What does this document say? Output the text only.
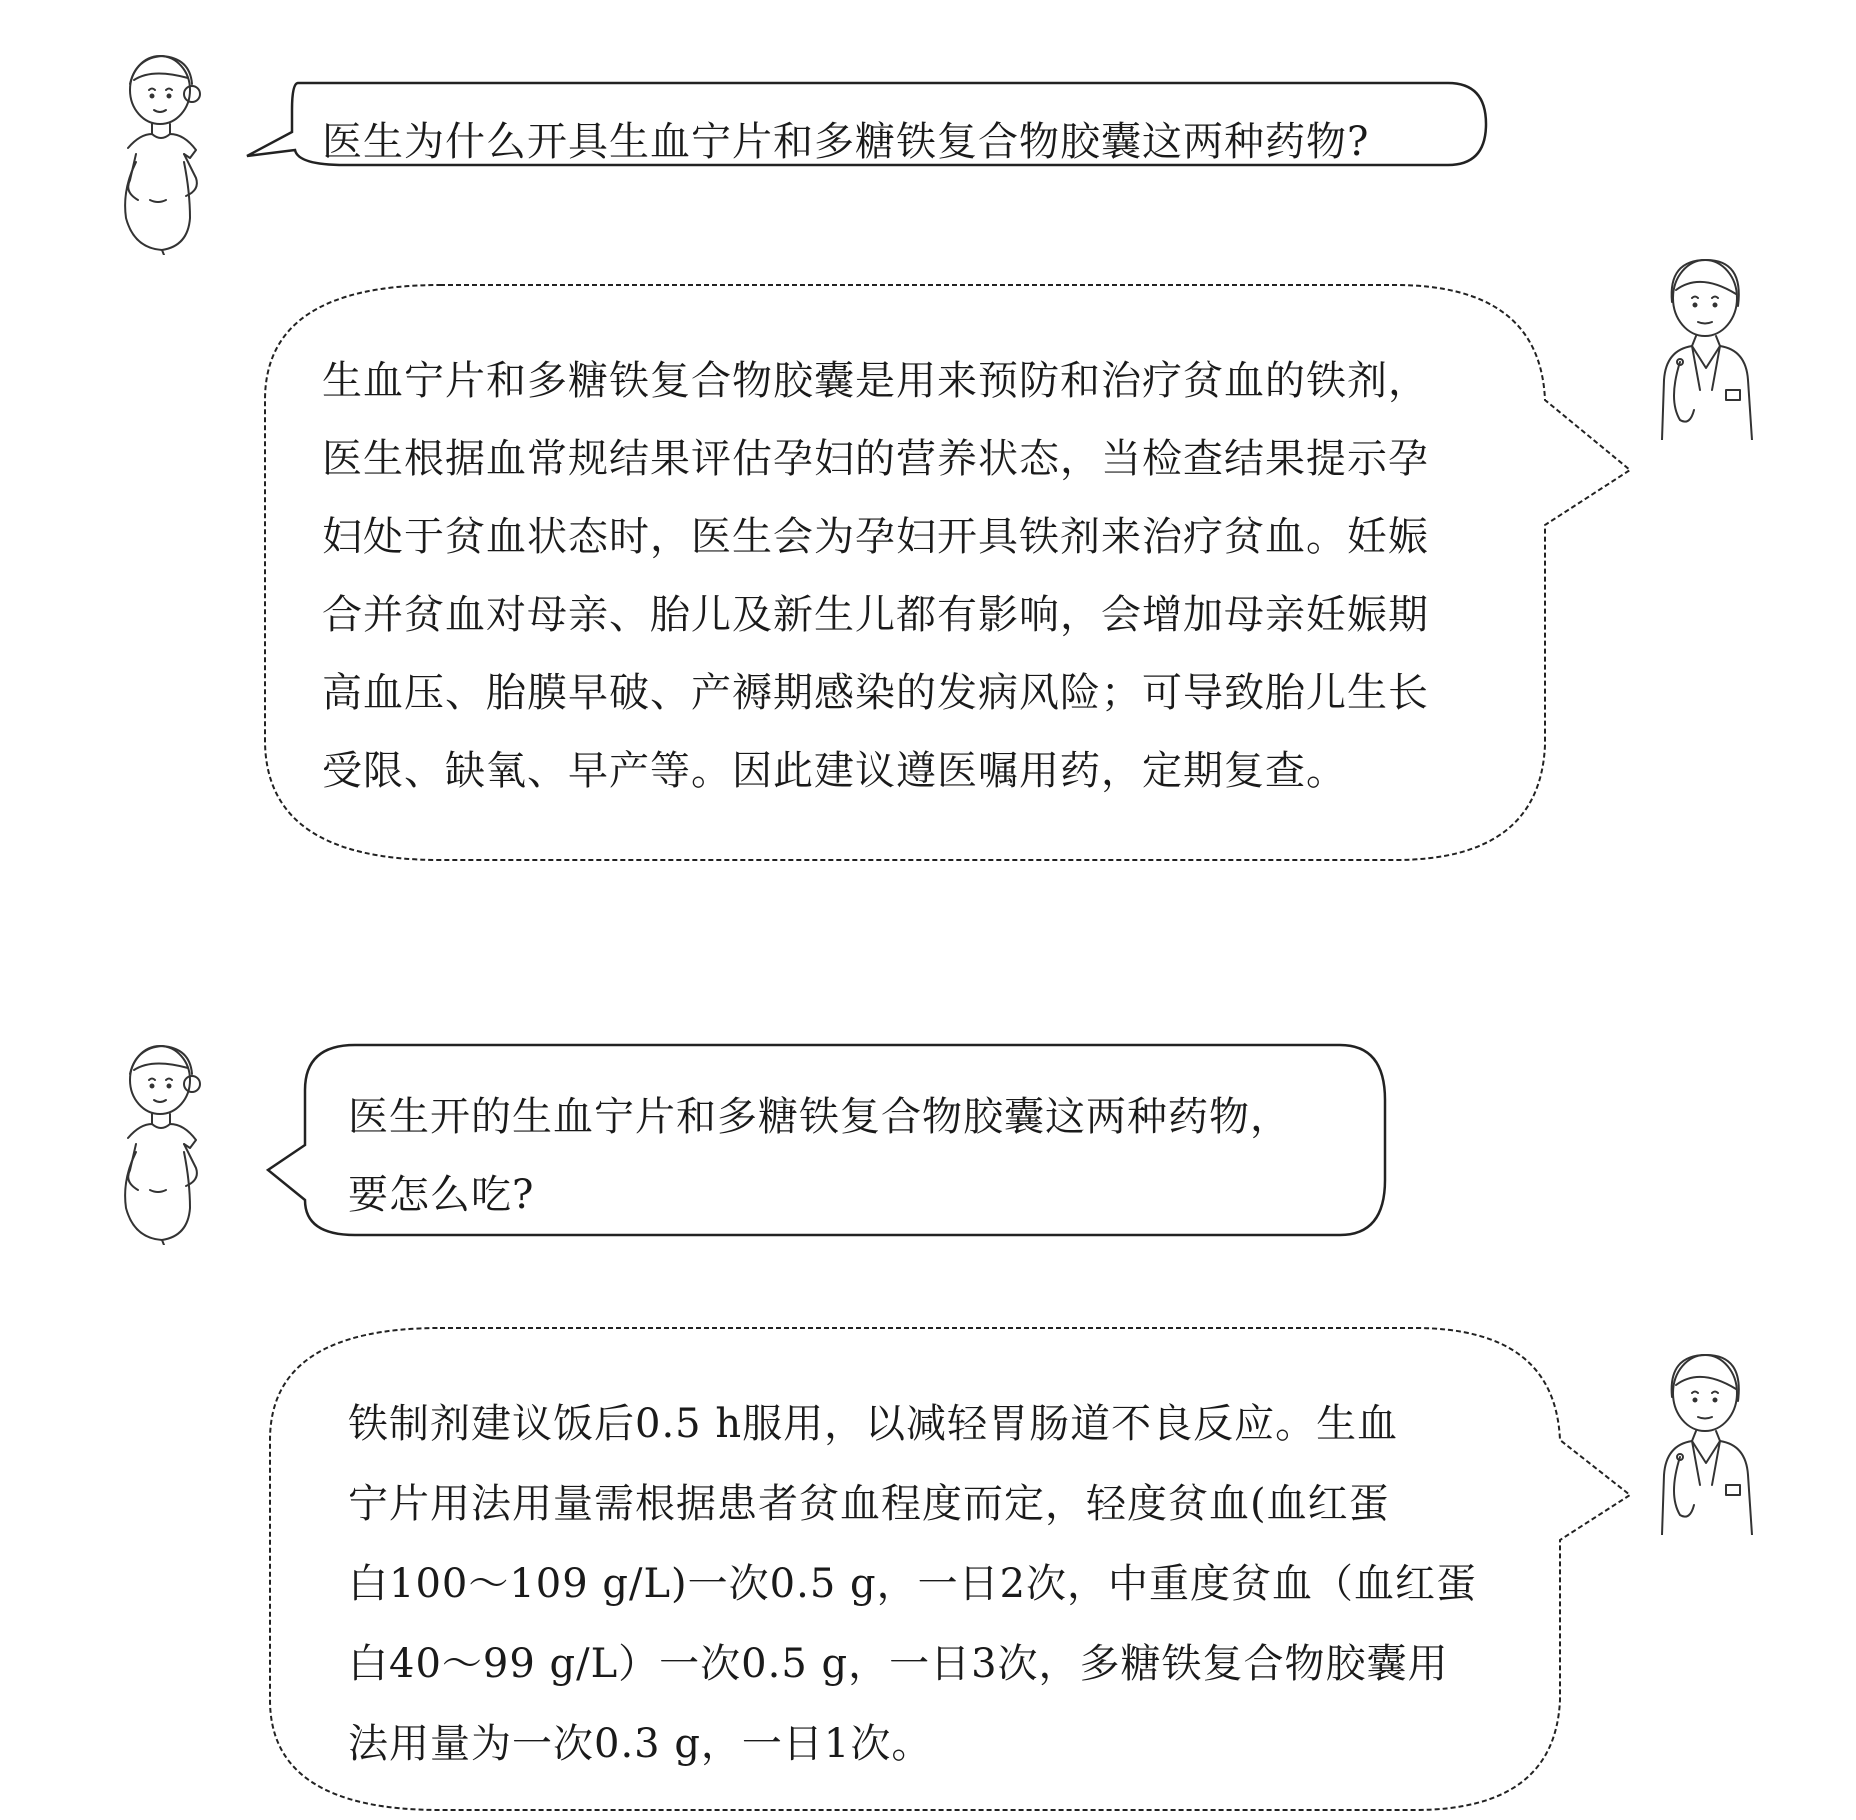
医生为什么开具生血宁片和多糖铁复合物胶囊这两种药物?

生血宁片和多糖铁复合物胶囊是用来预防和治疗贫血的铁剂，
医生根据血常规结果评估孕妇的营养状态，当检查结果提示孕
妇处于贫血状态时，医生会为孕妇开具铁剂来治疗贫血。妊娠
合并贫血对母亲、胎儿及新生儿都有影响，会增加母亲妊娠期
高血压、胎膜早破、产褥期感染的发病风险；可导致胎儿生长
受限、缺氧、早产等。因此建议遵医嘱用药，定期复查。

医生开的生血宁片和多糖铁复合物胶囊这两种药物，
要怎么吃?

铁制剂建议饭后0.5 h服用，以减轻胃肠道不良反应。生血
宁片用法用量需根据患者贫血程度而定，轻度贫血(血红蛋
白100～109 g/L)一次0.5 g，一日2次，中重度贫血（血红蛋
白40～99 g/L）一次0.5 g，一日3次，多糖铁复合物胶囊用
法用量为一次0.3 g，一日1次。
